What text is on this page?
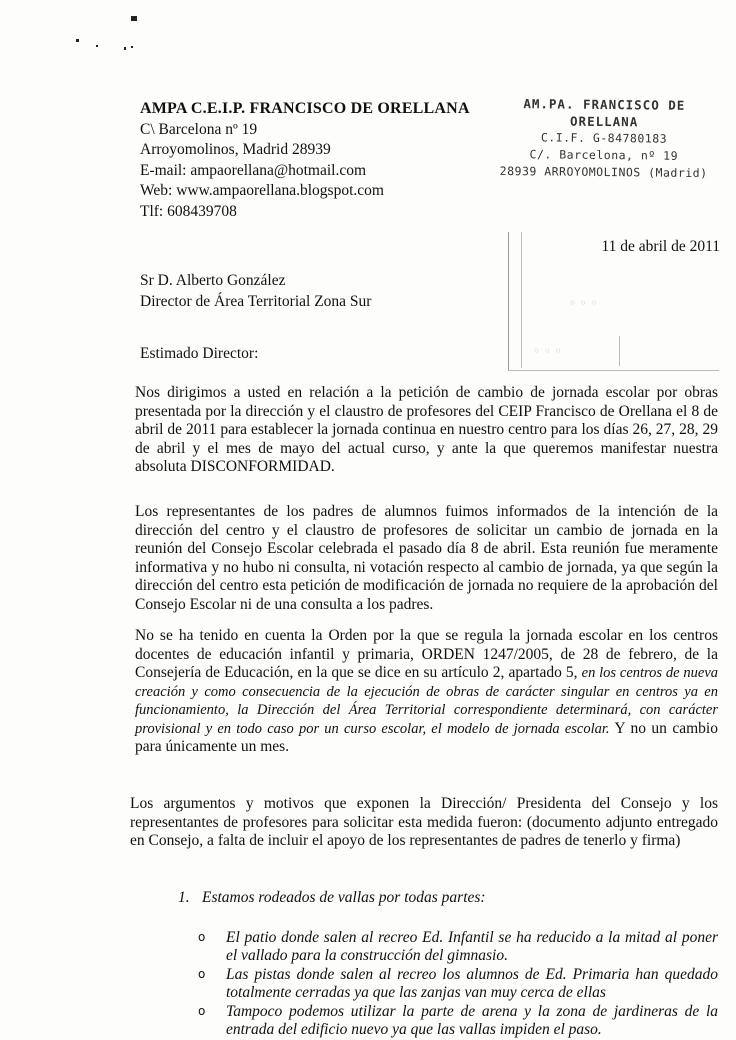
AMPA C.E.I.P. FRANCISCO DE ORELLANA
C\ Barcelona nº 19
Arroyomolinos, Madrid 28939
E-mail: ampaorellana@hotmail.com
Web: www.ampaorellana.blogspot.com
Tlf: 608439708
AM.PA. FRANCISCO DE ORELLANA
C.I.F. G-84780183
C/. Barcelona, nº 19
28939 ARROYOMOLINOS (Madrid)
◦ ◦ ◦
◦ ◦ ◦
11 de abril de 2011
Sr D. Alberto González
Director de Área Territorial Zona Sur
Estimado Director:
Nos dirigimos a usted en relación a la petición de cambio de jornada escolar por obras presentada por la dirección y el claustro de profesores del CEIP Francisco de Orellana el 8 de abril de 2011 para establecer la jornada continua en nuestro centro para los días 26, 27, 28, 29 de abril y el mes de mayo del actual curso, y ante la que queremos manifestar nuestra absoluta DISCONFORMIDAD.
Los representantes de los padres de alumnos fuimos informados de la intención de la dirección del centro y el claustro de profesores de solicitar un cambio de jornada en la reunión del Consejo Escolar celebrada el pasado día 8 de abril. Esta reunión fue meramente informativa y no hubo ni consulta, ni votación respecto al cambio de jornada, ya que según la dirección del centro esta petición de modificación de jornada no requiere de la aprobación del Consejo Escolar ni de una consulta a los padres.
No se ha tenido en cuenta la Orden por la que se regula la jornada escolar en los centros docentes de educación infantil y primaria, ORDEN 1247/2005, de 28 de febrero, de la Consejería de Educación, en la que se dice en su artículo 2, apartado 5, en los centros de nueva creación y como consecuencia de la ejecución de obras de carácter singular en centros ya en funcionamiento, la Dirección del Área Territorial correspondiente determinará, con carácter provisional y en todo caso por un curso escolar, el modelo de jornada escolar. Y no un cambio para únicamente un mes.
Los argumentos y motivos que exponen la Dirección/ Presidenta del Consejo y los representantes de profesores para solicitar esta medida fueron: (documento adjunto entregado en Consejo, a falta de incluir el apoyo de los representantes de padres de tenerlo y firma)
1. Estamos rodeados de vallas por todas partes:
o El patio donde salen al recreo Ed. Infantil se ha reducido a la mitad al poner el vallado para la construcción del gimnasio.
o Las pistas donde salen al recreo los alumnos de Ed. Primaria han quedado totalmente cerradas ya que las zanjas van muy cerca de ellas
o Tampoco podemos utilizar la parte de arena y la zona de jardineras de la entrada del edificio nuevo ya que las vallas impiden el paso.
